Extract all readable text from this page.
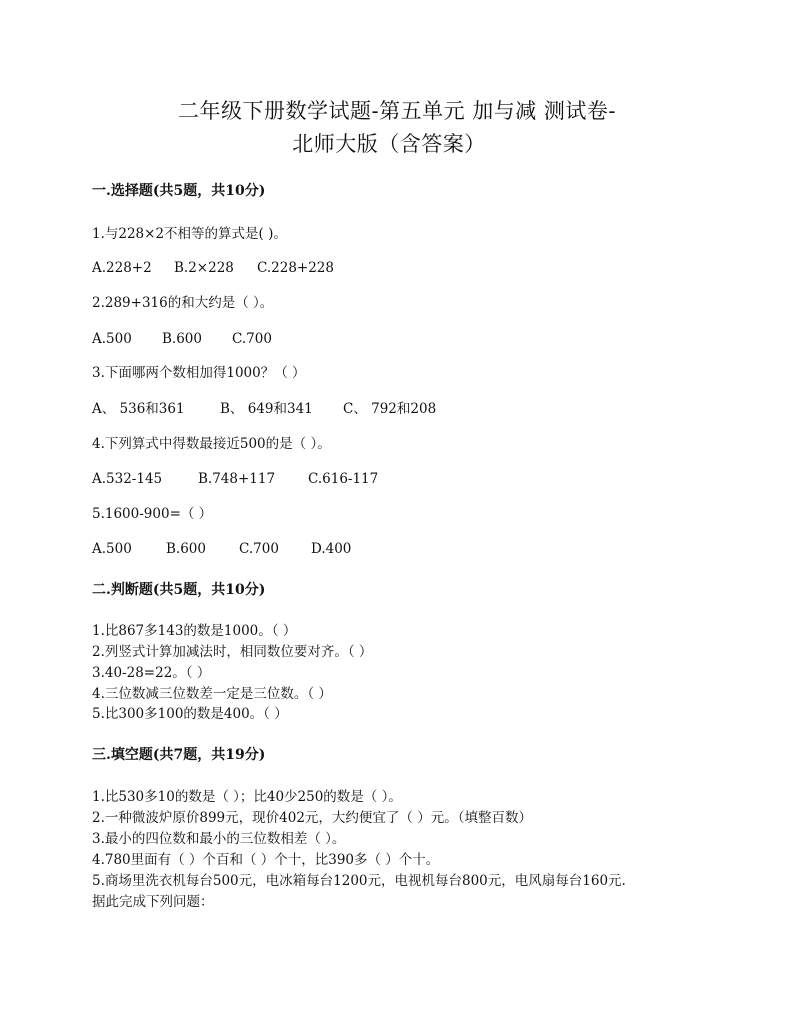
二年级下册数学试题-第五单元 加与减 测试卷-
北师大版（含答案）
一.选择题(共5题，共10分)
1.与228×2不相等的算式是( )。
A.228+2 B.2×228 C.228+228
2.289+316的和大约是（ ）。
A.500 B.600 C.700
3.下面哪两个数相加得1000？（ ）
A、 536和361	B、 649和341 C、 792和208
4.下列算式中得数最接近500的是（ ）。
A.532-145	B.748+117 C.616-117
5.1600-900=（ ）
A.500	B.600 C.700 D.400
二.判断题(共5题，共10分)
1.比867多143的数是1000。（ ）
2.列竖式计算加减法时，相同数位要对齐。（ ）
3.40-28=22。（ ）
4.三位数减三位数差一定是三位数。（ ）
5.比300多100的数是400。（ ）
三.填空题(共7题，共19分)
1.比530多10的数是（ ）；比40少250的数是（ ）。
2.一种微波炉原价899元，现价402元，大约便宜了（ ）元。（填整百数）
3.最小的四位数和最小的三位数相差（ ）。
4.780里面有（ ）个百和（ ）个十，比390多（ ）个十。
5.商场里洗衣机每台500元，电冰箱每台1200元，电视机每台800元，电风扇每台160元.
据此完成下列问题：
